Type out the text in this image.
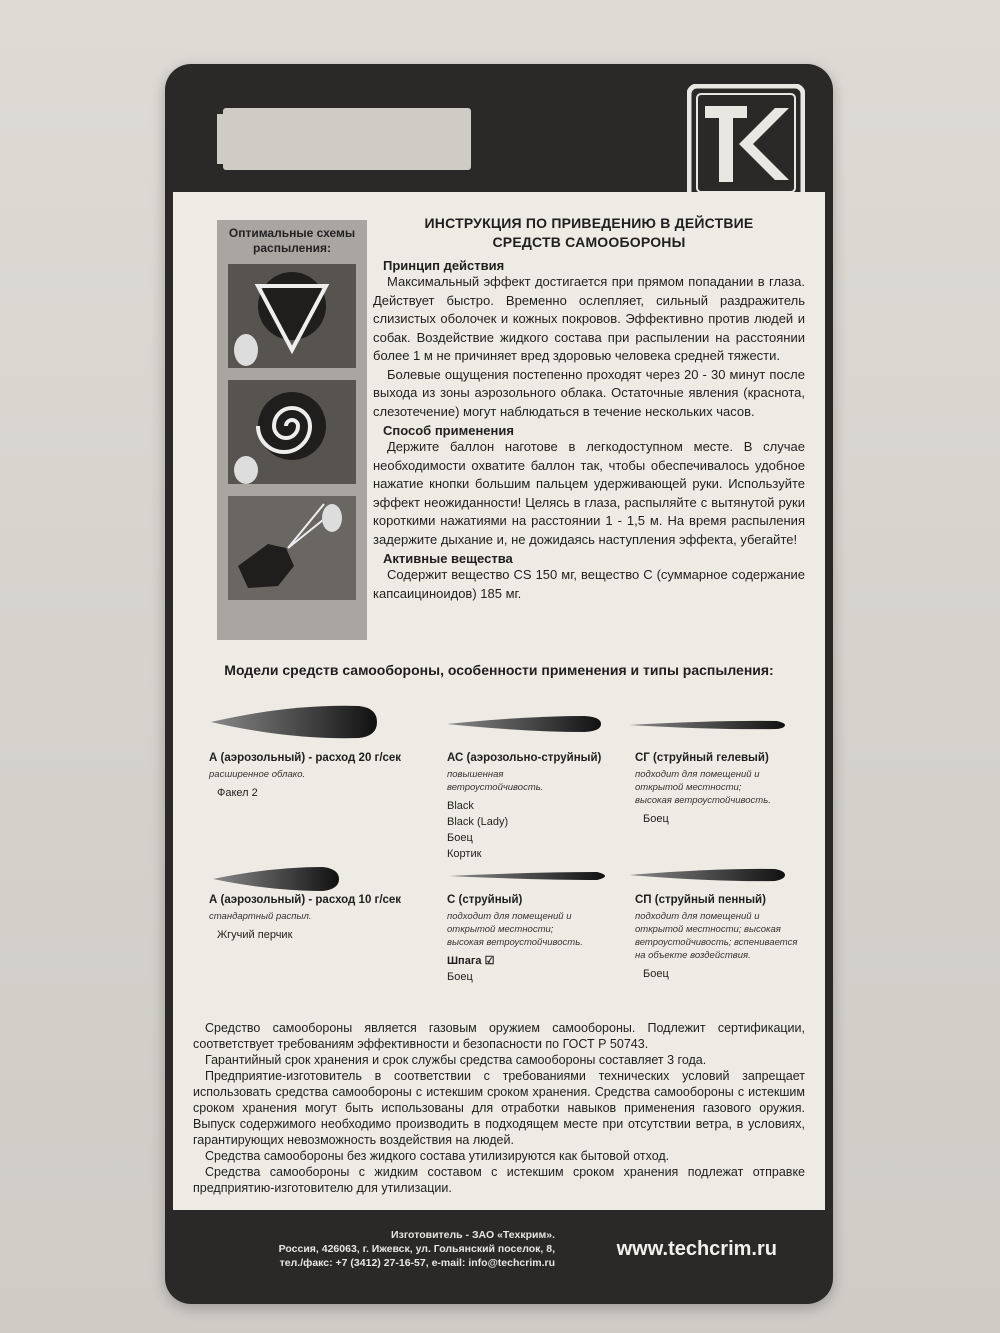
Оптимальные схемы распыления:
ИНСТРУКЦИЯ ПО ПРИВЕДЕНИЮ В ДЕЙСТВИЕ
СРЕДСТВ САМООБОРОНЫ
Принцип действия

Максимальный эффект достигается при прямом попадании в глаза. Действует быстро. Временно ослепляет, сильный раздражитель слизистых оболочек и кожных покровов. Эффективно против людей и собак. Воздействие жидкого состава при распылении на расстоянии более 1 м не причиняет вред здоровью человека средней тяжести.

Болевые ощущения постепенно проходят через 20 - 30 минут после выхода из зоны аэрозольного облака. Остаточные явления (краснота, слезотечение) могут наблюдаться в течение нескольких часов.

Способ применения

Держите баллон наготове в легкодоступном месте. В случае необходимости охватите баллон так, чтобы обеспечивалось удобное нажатие кнопки большим пальцем удерживающей руки. Используйте эффект неожиданности! Целясь в глаза, распыляйте с вытянутой руки короткими нажатиями на расстоянии 1 - 1,5 м. На время распыления задержите дыхание и, не дожидаясь наступления эффекта, убегайте!

Активные вещества

Содержит вещество CS 150 мг, вещество С (суммарное содержание капсаициноидов) 185 мг.

Модели средств самообороны, особенности применения и типы распыления:
А (аэрозольный) - расход 20 г/сек
расширенное облако.
Факел 2
АС (аэрозольно-струйный)
повышенная ветроустойчивость.
Black
Black (Lady)
Боец
Кортик
СГ (струйный гелевый)
подходит для помещений и открытой местности; высокая ветроустойчивость.
Боец
А (аэрозольный) - расход 10 г/сек
стандартный распыл.
Жгучий перчик
С (струйный)
подходит для помещений и открытой местности; высокая ветроустойчивость.
Шпага ☑
Боец
СП (струйный пенный)
подходит для помещений и открытой местности; высокая ветроустойчивость; вспенивается на объекте воздействия.
Боец

Средство самообороны является газовым оружием самообороны. Подлежит сертификации, соответствует требованиям эффективности и безопасности по ГОСТ Р 50743.

Гарантийный срок хранения и срок службы средства самообороны составляет 3 года.

Предприятие-изготовитель в соответствии с требованиями технических условий запрещает использовать средства самообороны с истекшим сроком хранения. Средства самообороны с истекшим сроком хранения могут быть использованы для отработки навыков применения газового оружия. Выпуск содержимого необходимо производить в подходящем месте при отсутствии ветра, в условиях, гарантирующих невозможность воздействия на людей.

Средства самообороны без жидкого состава утилизируются как бытовой отход.

Средства самообороны с жидким составом с истекшим сроком хранения подлежат отправке предприятию-изготовителю для утилизации.

Изготовитель - ЗАО «Техкрим».
Россия, 426063, г. Ижевск, ул. Гольянский поселок, 8,
тел./факс: +7 (3412) 27-16-57, e-mail: info@techcrim.ru
www.techcrim.ru
